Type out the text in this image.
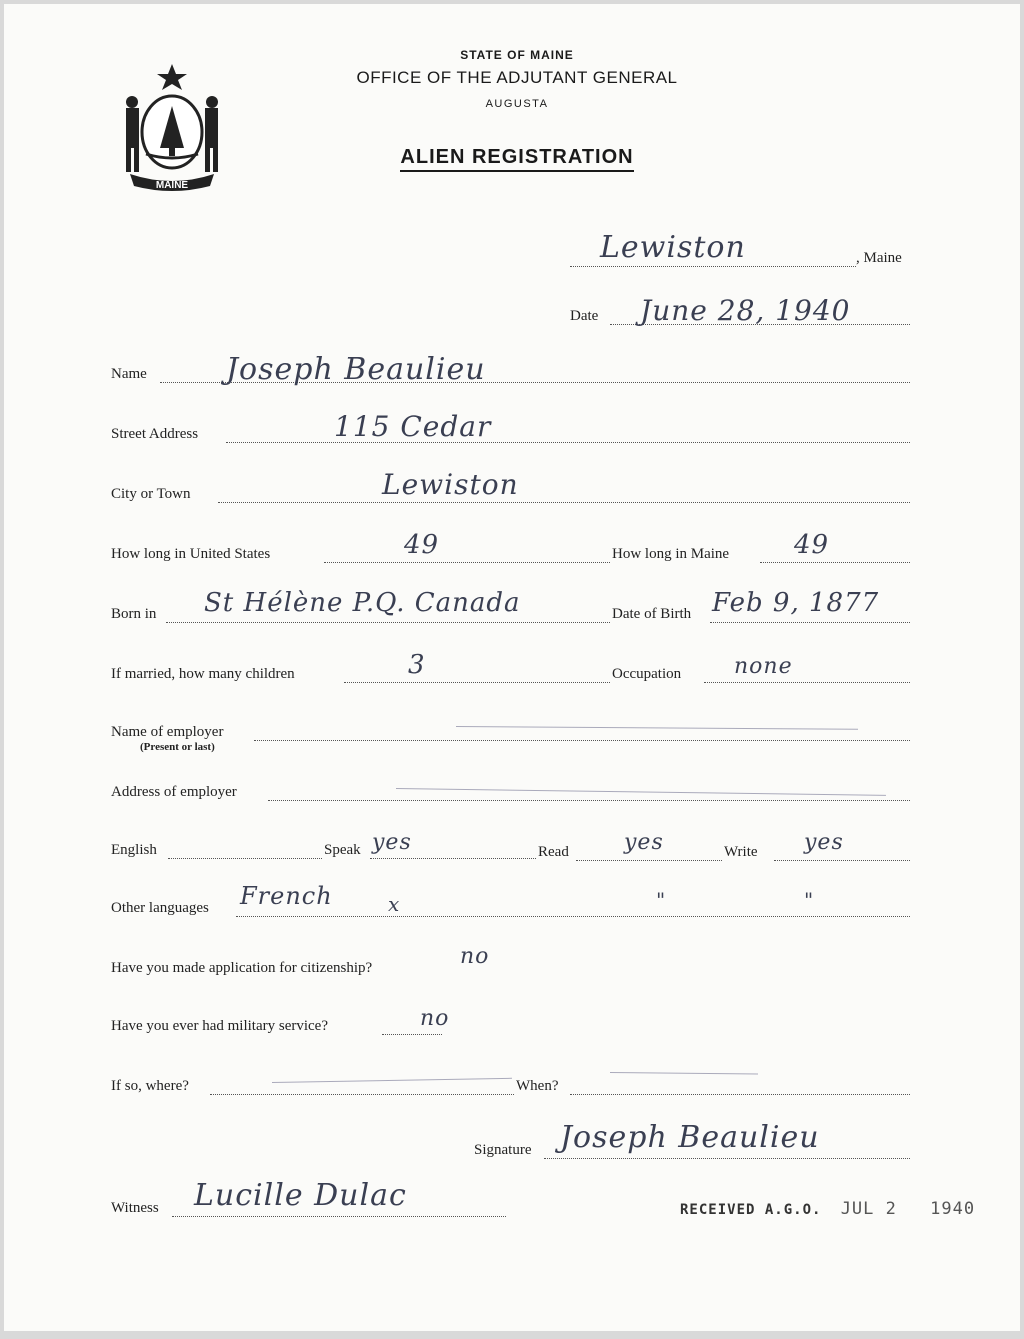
MAINE
STATE OF MAINE
OFFICE OF THE ADJUTANT GENERAL
AUGUSTA
ALIEN REGISTRATION
Lewiston	, Maine
Date June 28, 1940
Name	Joseph Beaulieu
Street Address	115 Cedar
City or Town	Lewiston
How long in United States	49	How long in Maine 49
Born in St Hélène P.Q. Canada	Date of Birth Feb 9, 1877
If married, how many children	3	Occupation none
Name of employer
(Present or last)
Address of employer
English	Speak yes	Read	yes	Write yes
Other languages French	x	"	"
Have you made application for citizenship?	no
Have you ever had military service?	no
If so, where?	When?
Signature Joseph Beaulieu
Witness Lucille Dulac	RECEIVED A.G.O. JUL 2 1940
